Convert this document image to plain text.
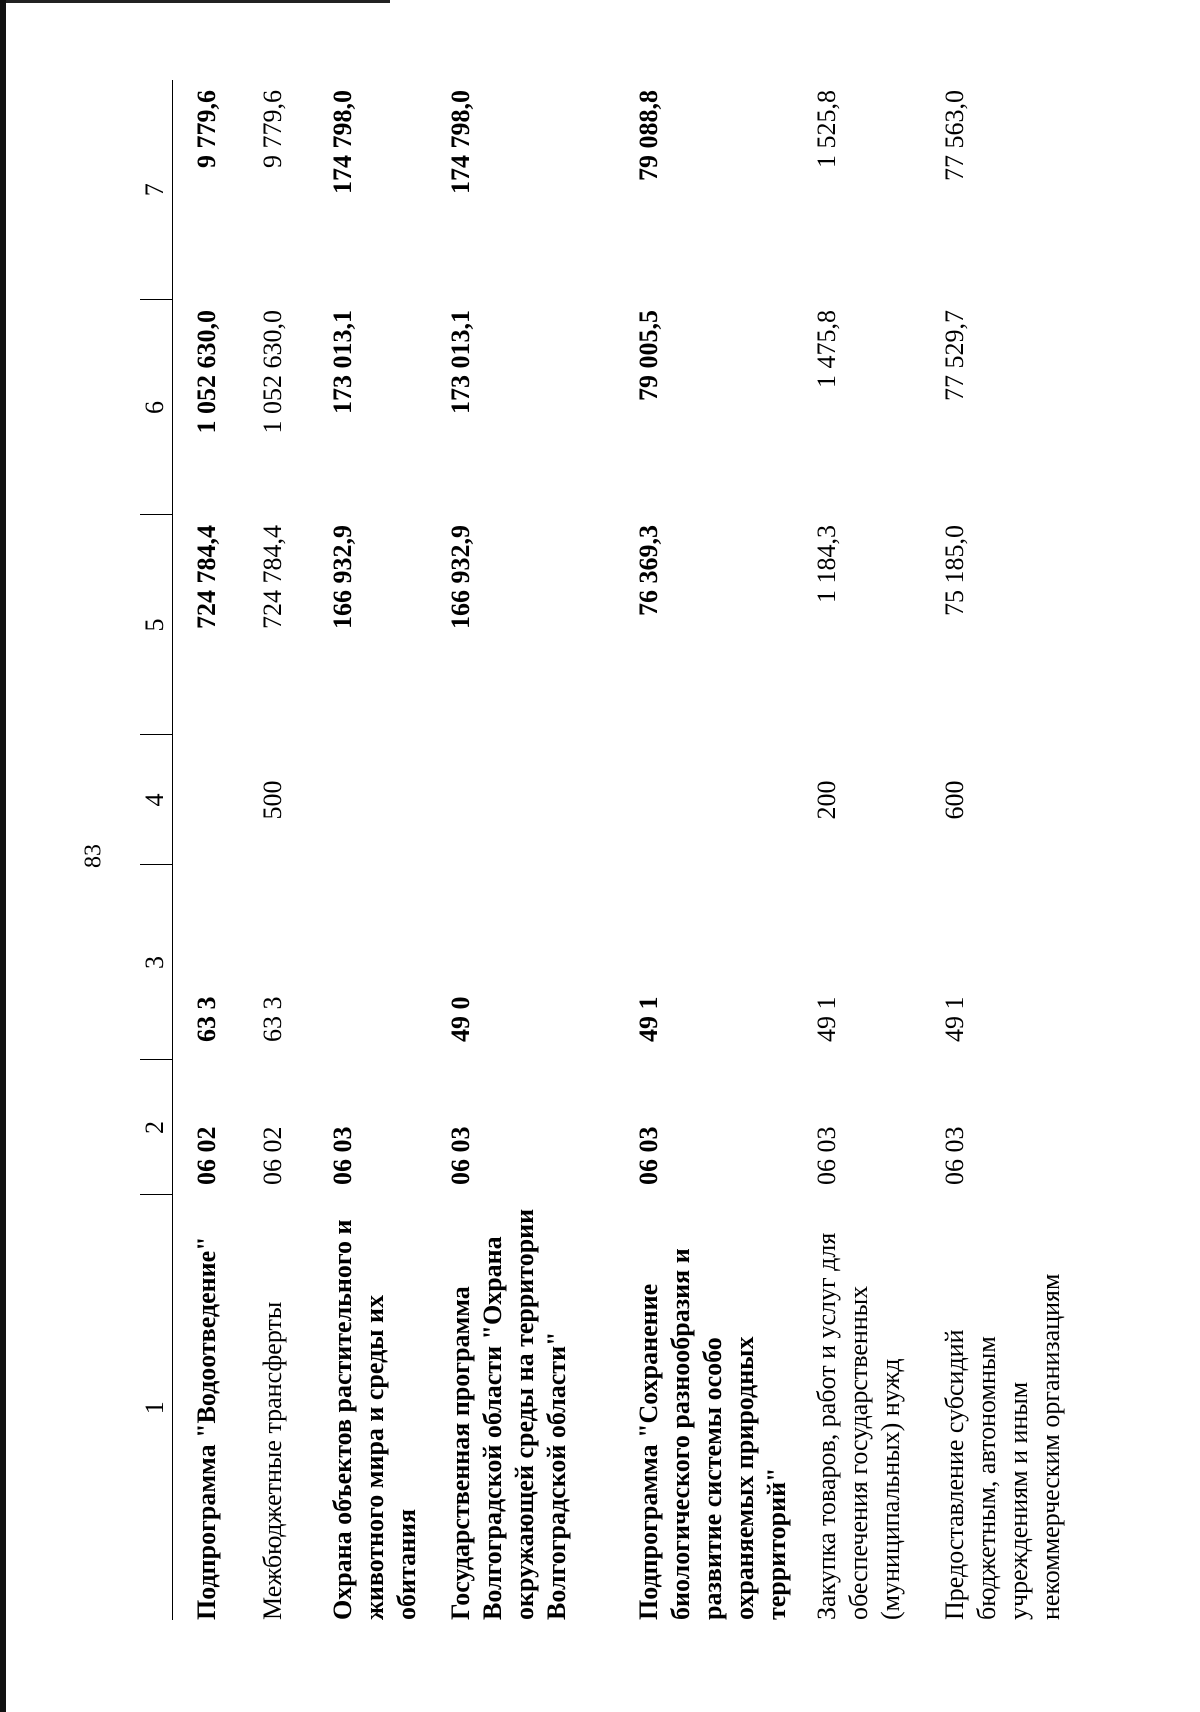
83
1	2	3	4	5	6	7
Подпрограмма "Водоотведение"	06 02	63 3		724 784,4	1 052 630,0	9 779,6
Межбюджетные трансферты	06 02	63 3	500	724 784,4	1 052 630,0	9 779,6
Охрана объектов растительного и животного мира и среды их обитания	06 03			166 932,9	173 013,1	174 798,0
Государственная программа Волгоградской области "Охрана окружающей среды на территории Волгоградской области"	06 03	49 0		166 932,9	173 013,1	174 798,0
Подпрограмма "Сохранение биологического разнообразия и развитие системы особо охраняемых природных территорий"	06 03	49 1		76 369,3	79 005,5	79 088,8
Закупка товаров, работ и услуг для обеспечения государственных (муниципальных) нужд	06 03	49 1	200	1 184,3	1 475,8	1 525,8
Предоставление субсидий бюджетным, автономным учреждениям и иным некоммерческим организациям	06 03	49 1	600	75 185,0	77 529,7	77 563,0
